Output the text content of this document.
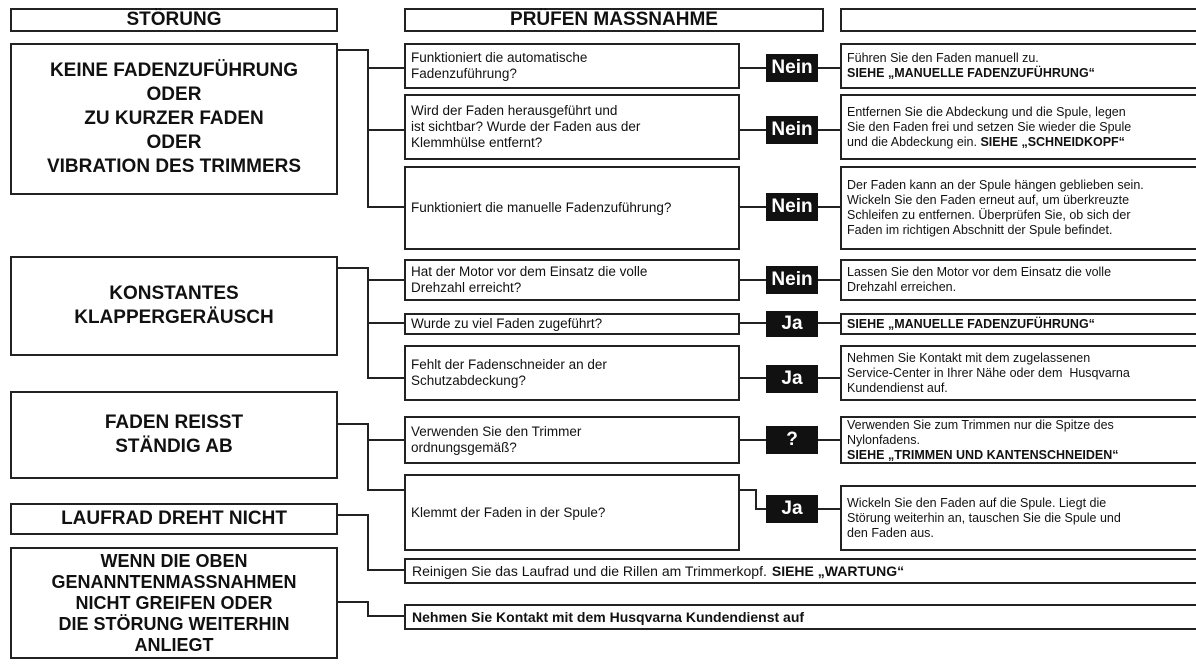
STÖRUNG	PRÜFEN MASSNAHME
KEINE FADENZUFÜHRUNG
ODER
ZU KURZER FADEN
ODER
VIBRATION DES TRIMMERS
KONSTANTES
KLAPPERGERÄUSCH
FADEN REISST
STÄNDIG AB
LAUFRAD DREHT NICHT
WENN DIE OBEN
GENANNTENMASSNAHMEN
NICHT GREIFEN ODER
DIE STÖRUNG WEITERHIN
ANLIEGT
Funktioniert die automatische
Fadenzuführung?
Wird der Faden herausgeführt und
ist sichtbar? Wurde der Faden aus der
Klemmhülse entfernt?
Funktioniert die manuelle Fadenzuführung?
Hat der Motor vor dem Einsatz die volle
Drehzahl erreicht?
Wurde zu viel Faden zugeführt?
Fehlt der Fadenschneider an der
Schutzabdeckung?
Verwenden Sie den Trimmer
ordnungsgemäß?
Klemmt der Faden in der Spule?
Nein
Nein
Nein
Nein
Ja
Ja
?
Ja
Führen Sie den Faden manuell zu.
SIEHE „MANUELLE FADENZUFÜHRUNG“
Entfernen Sie die Abdeckung und die Spule, legen
Sie den Faden frei und setzen Sie wieder die Spule
und die Abdeckung ein. SIEHE „SCHNEIDKOPF“
Der Faden kann an der Spule hängen geblieben sein.
Wickeln Sie den Faden erneut auf, um überkreuzte
Schleifen zu entfernen. Überprüfen Sie, ob sich der
Faden im richtigen Abschnitt der Spule befindet.
Lassen Sie den Motor vor dem Einsatz die volle
Drehzahl erreichen.
SIEHE „MANUELLE FADENZUFÜHRUNG“
Nehmen Sie Kontakt mit dem zugelassenen
Service-Center in Ihrer Nähe oder dem  Husqvarna
Kundendienst auf.
Verwenden Sie zum Trimmen nur die Spitze des
Nylonfadens.
SIEHE „TRIMMEN UND KANTENSCHNEIDEN“
Wickeln Sie den Faden auf die Spule. Liegt die
Störung weiterhin an, tauschen Sie die Spule und
den Faden aus.
Reinigen Sie das Laufrad und die Rillen am Trimmerkopf. SIEHE „WARTUNG“
Nehmen Sie Kontakt mit dem Husqvarna Kundendienst auf
